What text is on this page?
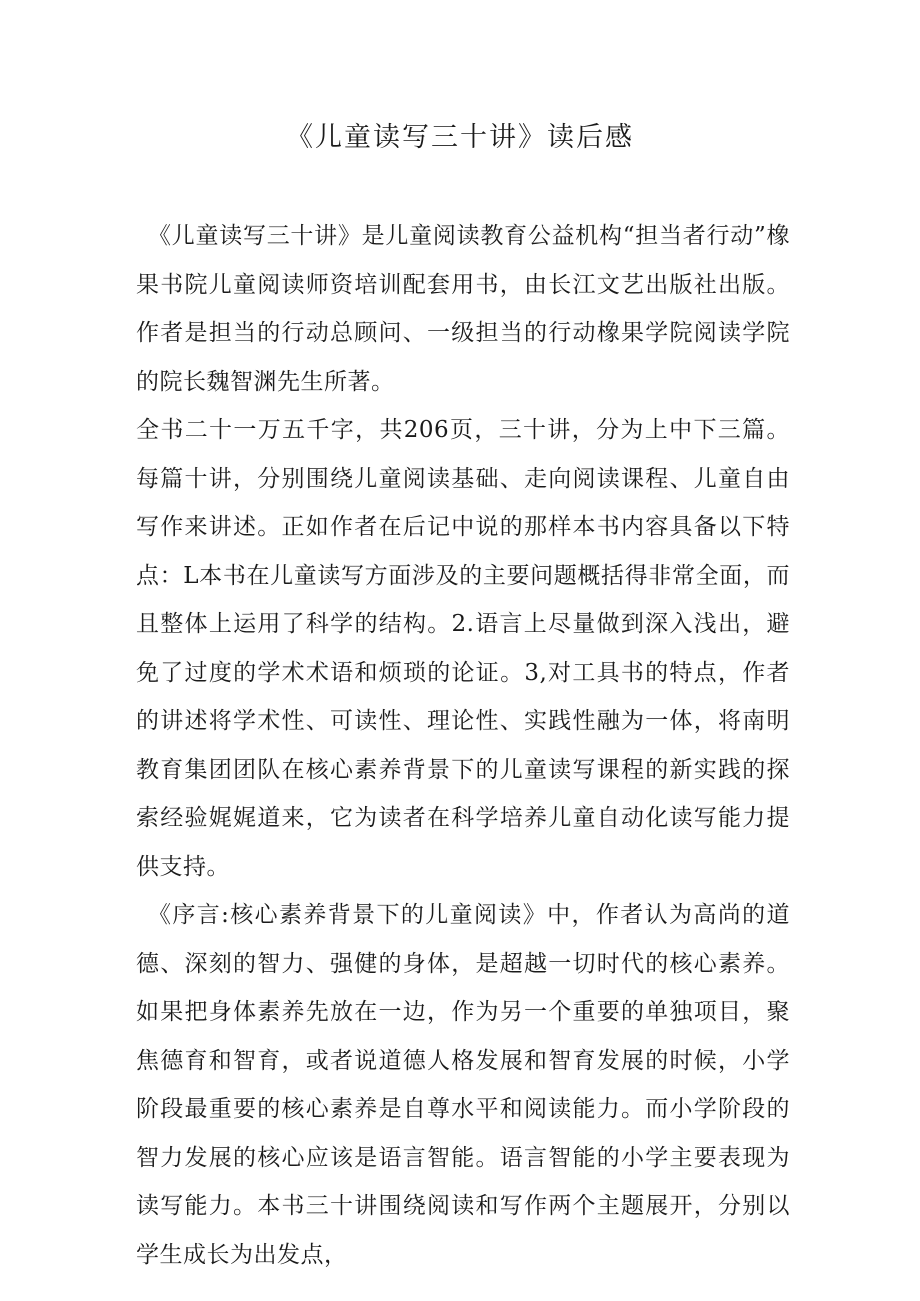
《儿童读写三十讲》读后感

《儿童读写三十讲》是儿童阅读教育公益机构“担当者行动”橡果书院儿童阅读师资培训配套用书，由长江文艺出版社出版。作者是担当的行动总顾问、一级担当的行动橡果学院阅读学院的院长魏智渊先生所著。

全书二十一万五千字，共206页，三十讲，分为上中下三篇。每篇十讲，分别围绕儿童阅读基础、走向阅读课程、儿童自由写作来讲述。正如作者在后记中说的那样本书内容具备以下特点：L本书在儿童读写方面涉及的主要问题概括得非常全面，而且整体上运用了科学的结构。2.语言上尽量做到深入浅出，避免了过度的学术术语和烦琐的论证。3,对工具书的特点，作者的讲述将学术性、可读性、理论性、实践性融为一体，将南明教育集团团队在核心素养背景下的儿童读写课程的新实践的探索经验娓娓道来，它为读者在科学培养儿童自动化读写能力提供支持。

《序言:核心素养背景下的儿童阅读》中，作者认为高尚的道德、深刻的智力、强健的身体，是超越一切时代的核心素养。如果把身体素养先放在一边，作为另一个重要的单独项目，聚焦德育和智育，或者说道德人格发展和智育发展的时候，小学阶段最重要的核心素养是自尊水平和阅读能力。而小学阶段的智力发展的核心应该是语言智能。语言智能的小学主要表现为读写能力。本书三十讲围绕阅读和写作两个主题展开，分别以学生成长为出发点，
